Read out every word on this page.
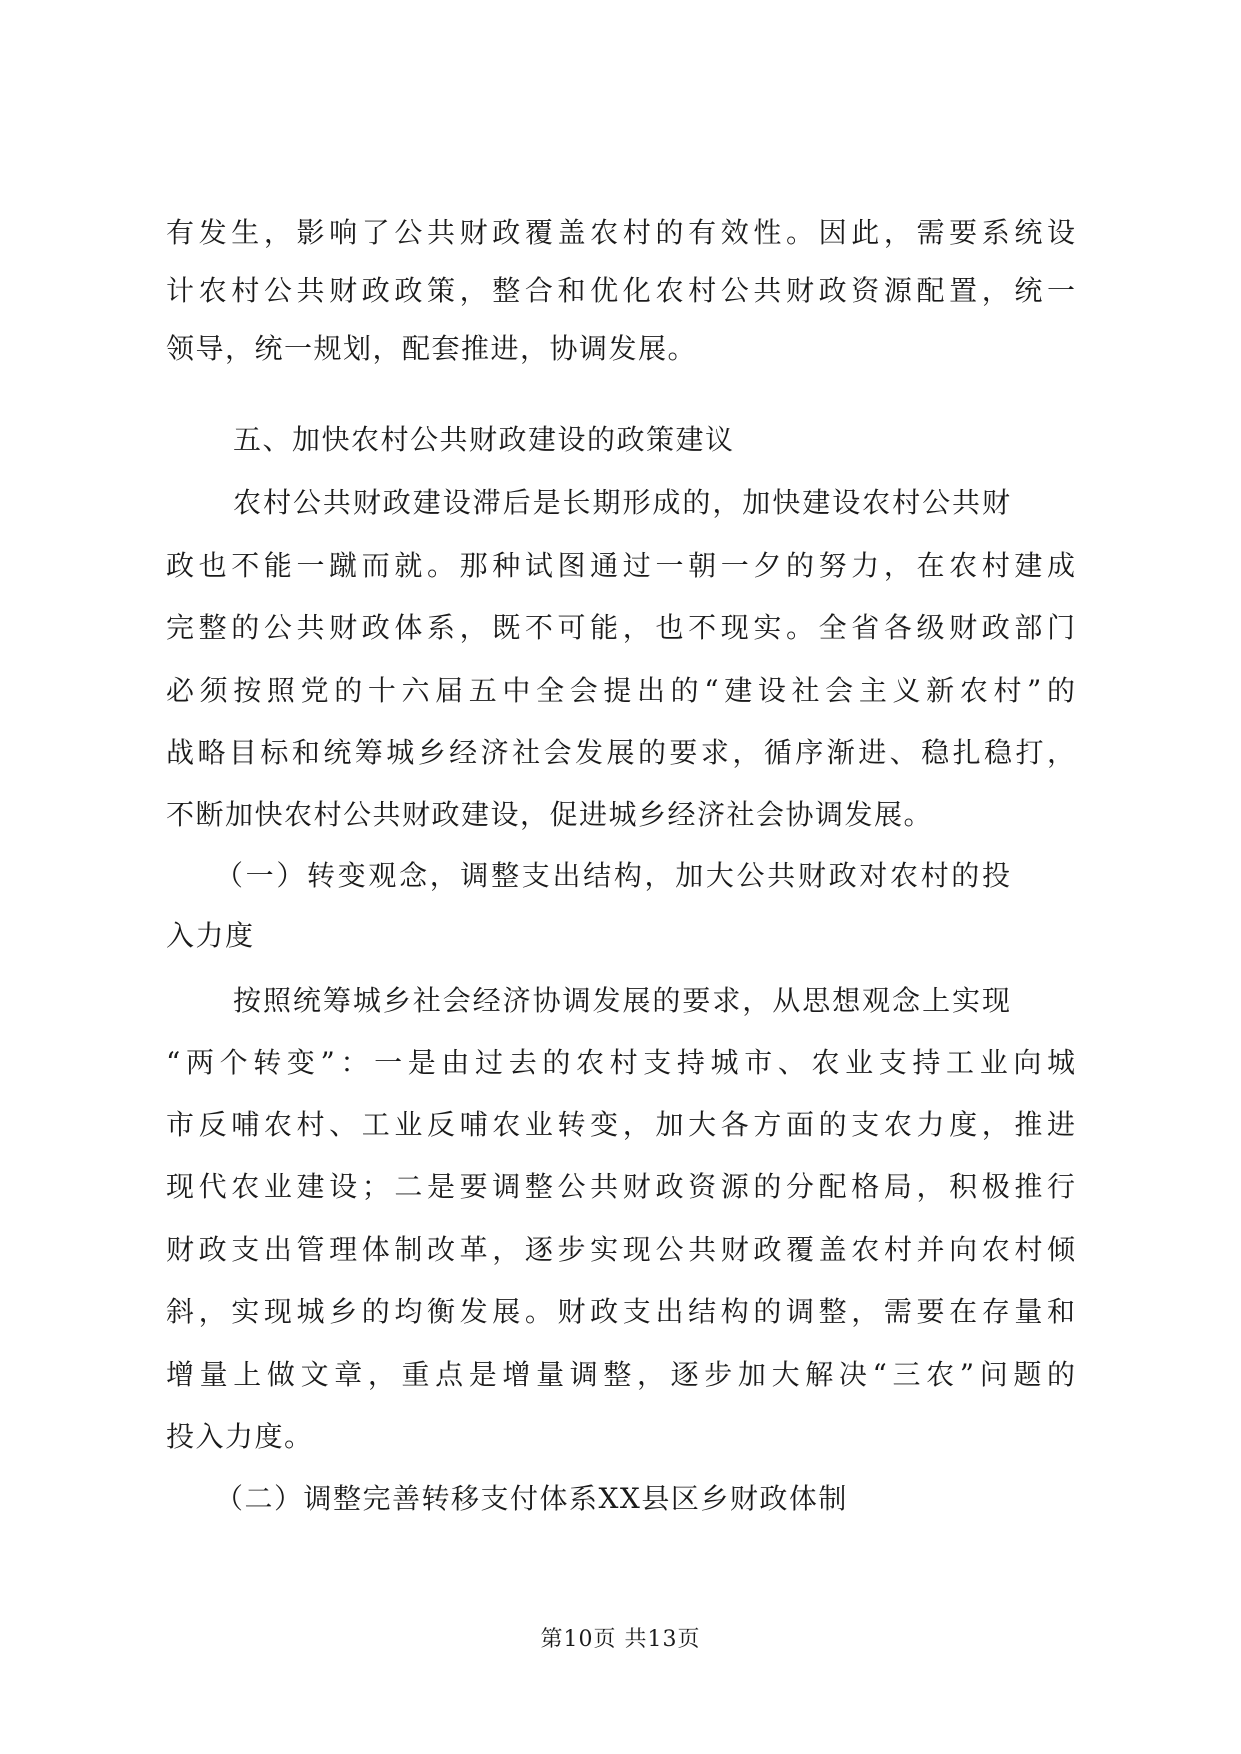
有发生，影响了公共财政覆盖农村的有效性。因此，需要系统设
计农村公共财政政策，整合和优化农村公共财政资源配置，统一
领导，统一规划，配套推进，协调发展。
五、加快农村公共财政建设的政策建议
农村公共财政建设滞后是长期形成的，加快建设农村公共财
政也不能一蹴而就。那种试图通过一朝一夕的努力，在农村建成
完整的公共财政体系，既不可能，也不现实。全省各级财政部门
必须按照党的十六届五中全会提出的“建设社会主义新农村”的
战略目标和统筹城乡经济社会发展的要求，循序渐进、稳扎稳打，
不断加快农村公共财政建设，促进城乡经济社会协调发展。
（一）转变观念，调整支出结构，加大公共财政对农村的投
入力度
按照统筹城乡社会经济协调发展的要求，从思想观念上实现
“两个转变”：一是由过去的农村支持城市、农业支持工业向城
市反哺农村、工业反哺农业转变，加大各方面的支农力度，推进
现代农业建设；二是要调整公共财政资源的分配格局，积极推行
财政支出管理体制改革，逐步实现公共财政覆盖农村并向农村倾
斜，实现城乡的均衡发展。财政支出结构的调整，需要在存量和
增量上做文章，重点是增量调整，逐步加大解决“三农”问题的
投入力度。
（二）调整完善转移支付体系XX县区乡财政体制
第10页 共13页
